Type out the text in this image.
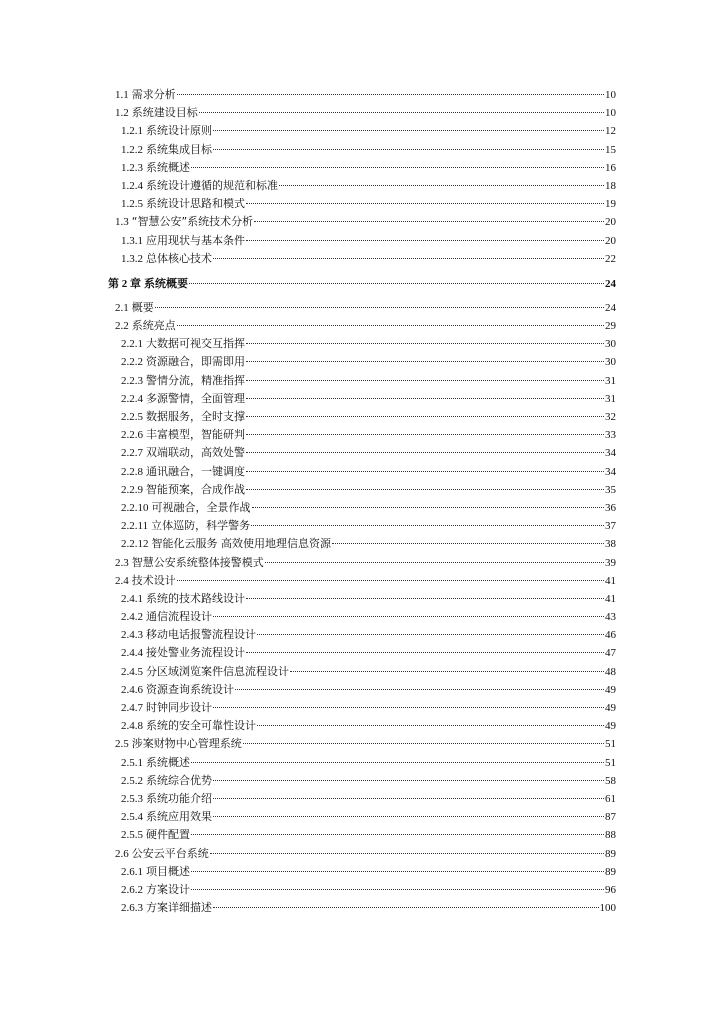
1.1 需求分析	10
1.2 系统建设目标	10
1.2.1 系统设计原则	12
1.2.2 系统集成目标	15
1.2.3 系统概述	16
1.2.4 系统设计遵循的规范和标准	18
1.2.5 系统设计思路和模式	19
1.3 “智慧公安”系统技术分析	20
1.3.1 应用现状与基本条件	20
1.3.2 总体核心技术	22
第 2 章 系统概要	24
2.1 概要	24
2.2 系统亮点	29
2.2.1 大数据可视交互指挥	30
2.2.2 资源融合，即需即用	30
2.2.3 警情分流，精准指挥	31
2.2.4 多源警情，全面管理	31
2.2.5 数据服务，全时支撑	32
2.2.6 丰富模型，智能研判	33
2.2.7 双端联动，高效处警	34
2.2.8 通讯融合，一键调度	34
2.2.9 智能预案，合成作战	35
2.2.10 可视融合，全景作战	36
2.2.11 立体巡防，科学警务	37
2.2.12 智能化云服务 高效使用地理信息资源	38
2.3 智慧公安系统整体接警模式	39
2.4 技术设计	41
2.4.1 系统的技术路线设计	41
2.4.2 通信流程设计	43
2.4.3 移动电话报警流程设计	46
2.4.4 接处警业务流程设计	47
2.4.5 分区域浏览案件信息流程设计	48
2.4.6 资源查询系统设计	49
2.4.7 时钟同步设计	49
2.4.8 系统的安全可靠性设计	49
2.5 涉案财物中心管理系统	51
2.5.1 系统概述	51
2.5.2 系统综合优势	58
2.5.3 系统功能介绍	61
2.5.4 系统应用效果	87
2.5.5 硬件配置	88
2.6 公安云平台系统	89
2.6.1 项目概述	89
2.6.2 方案设计	96
2.6.3 方案详细描述	100
